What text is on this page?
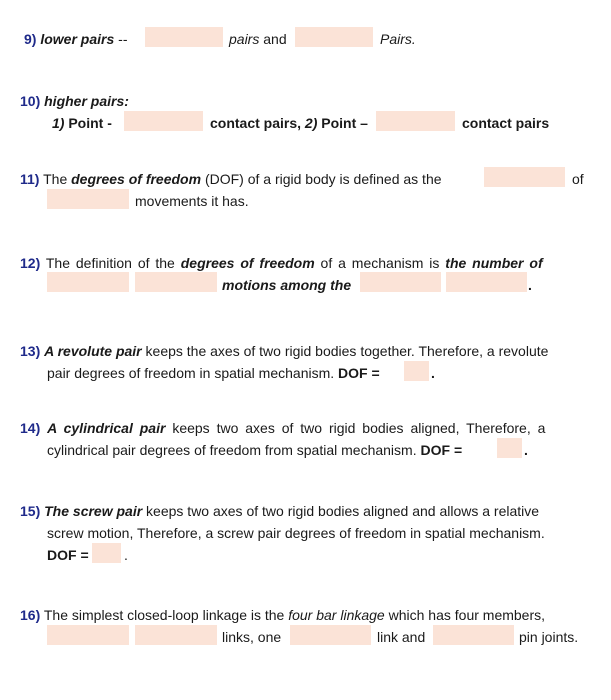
9) lower pairs --	pairs and	Pairs.
10) higher pairs:
1) Point -	contact pairs, 2) Point –	contact pairs
11) The degrees of freedom (DOF) of a rigid body is defined as the	of
movements it has.
12) The definition of the degrees of freedom of a mechanism is the number of
motions among the	.
13) A revolute pair keeps the axes of two rigid bodies together. Therefore, a revolute
pair degrees of freedom in spatial mechanism. DOF =	.
14) A cylindrical pair keeps two axes of two rigid bodies aligned, Therefore, a
cylindrical pair degrees of freedom from spatial mechanism. DOF =	.
15) The screw pair keeps two axes of two rigid bodies aligned and allows a relative
screw motion, Therefore, a screw pair degrees of freedom in spatial mechanism.
DOF =	.
16) The simplest closed-loop linkage is the four bar linkage which has four members,
links, one	link and	pin joints.
